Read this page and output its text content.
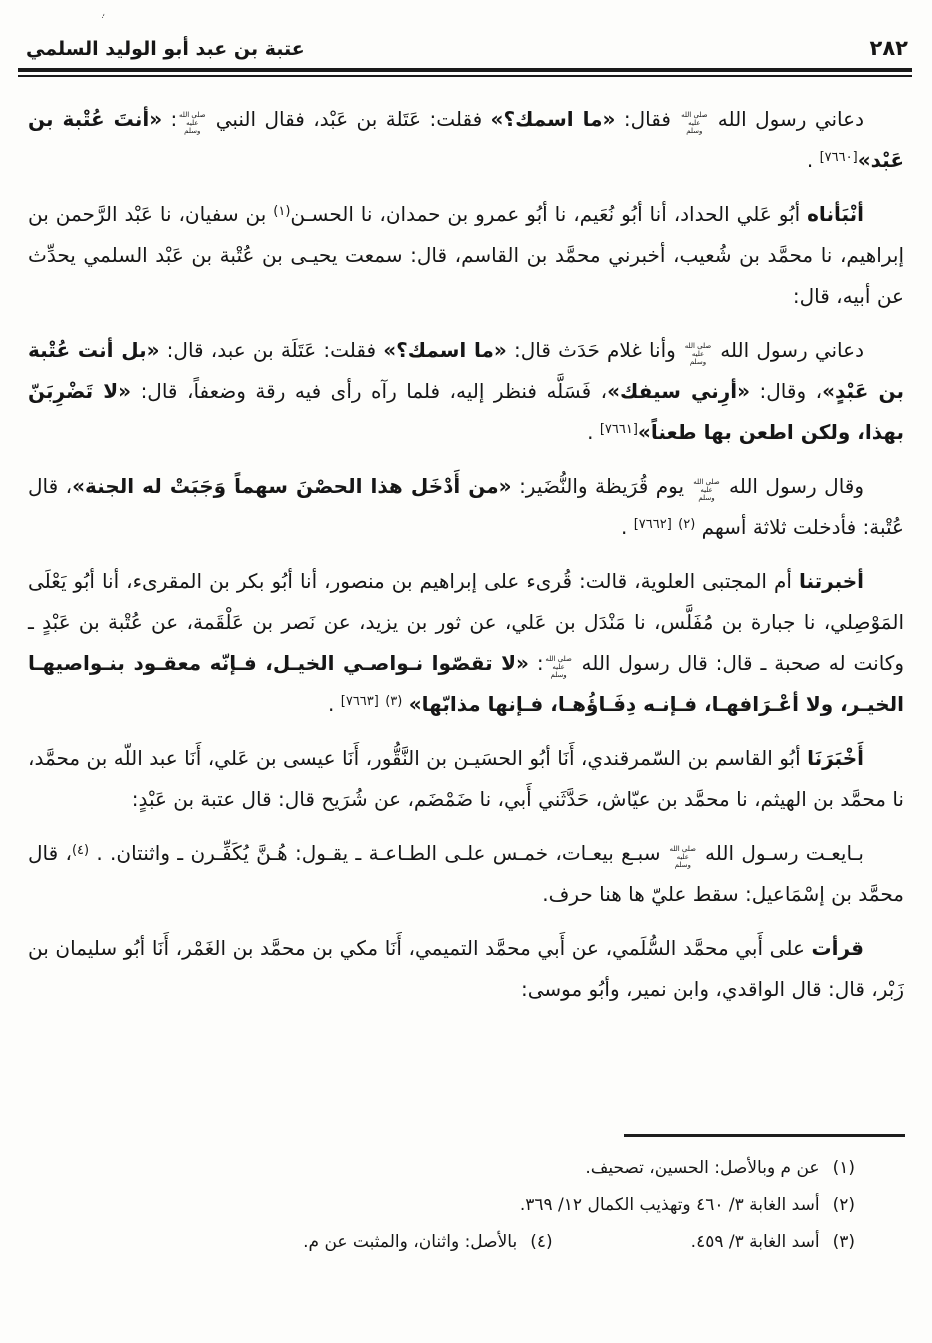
، ٠
٢٨٢
عتبة بن عبد أبو الوليد السلمي

دعاني رسول الله صلى الله عليه وسلم فقال: «ما اسمك؟» فقلت: عَتَلة بن عَبْد، فقال النبي صلى الله عليه وسلم: «أنتَ عُتْبة بن عَبْد»[٧٦٦٠] .

أنْبَأناه أبُو عَلي الحداد، أنا أبُو نُعَيم، نا أبُو عمرو بن حمدان، نا الحسـن$^{(١)}$ بن سفيان، نا عَبْد الرَّحمن بن إبراهيم، نا محمَّد بن شُعيب، أخبرني محمَّد بن القاسم، قال: سمعت يحيـى بن عُتْبة بن عَبْد السلمي يحدِّث عن أبيه، قال:

دعاني رسول الله صلى الله عليه وسلم وأنا غلام حَدَث قال: «ما اسمك؟» فقلت: عَتَلَة بن عبد، قال: «بل أنت عُتْبة بن عَبْدٍ»، وقال: «أرِني سيفك»، فَسَلَّه فنظر إليه، فلما رآه رأى فيه رقة وضعفاً، قال: «لا تَضْرِبَنّ بهذا، ولكن اطعن بها طعناً»[٧٦٦١] .

وقال رسول الله صلى الله عليه وسلم يوم قُرَيظة والنُّضَير: «من أَدْخَل هذا الحصْنَ سهماً وَجَبَتْ له الجنة»، قال عُتْبة: فأدخلت ثلاثة أسهم $^{(٢)}$ [٧٦٦٢] .

أخبرتنا أم المجتبى العلوية، قالت: قُرىء على إبراهيم بن منصور، أنا أبُو بكر بن المقرىء، أنا أبُو يَعْلَى المَوْصِلي، نا جبارة بن مُفَلَّس، نا مَنْدَل بن عَلي، عن ثور بن يزيد، عن نَصر بن عَلْقَمة، عن عُتْبة بن عَبْدٍ ـ وكانت له صحبة ـ قال: قال رسول الله صلى الله عليه وسلم: «لا تقصّوا نـواصـي الخيـل، فـإنّه معقـود بنـواصيهـا الخيـر، ولا أعْـرَافهـا، فـإنـه دِفَـاؤُهـا، فـإنها مذابّها» $^{(٣)}$ [٧٦٦٣] .

أَخْبَرَنَا أبُو القاسم بن السّمرقندي، أَنَا أبُو الحسَيـن بن النَّقُّور، أَنَا عيسى بن عَلي، أَنَا عبد اللّه بن محمَّد، نا محمَّد بن الهيثم، نا محمَّد بن عيّاش، حَدَّثَني أَبي، نا ضَمْضَم، عن شُرَيح قال: قال عتبة بن عَبْدٍ:

بـايعـت رسـول الله صلى الله عليه وسلم سبـع بيعـات، خمـس علـى الطـاعـة ـ يقـول: هُـنَّ يُكَفِّـرن ـ واثنتان. . $^{(٤)}$، قال محمَّد بن إسْمَاعيل: سقط عليّ ها هنا حرف.

قرأت على أَبي محمَّد السُّلَمي، عن أَبي محمَّد التميمي، أَنَا مكي بن محمَّد بن الغَمْر، أَنَا أبُو سليمان بن زَبْر، قال: قال الواقدي، وابن نمير، وأبُو موسى:

(١)عن م وبالأصل: الحسين، تصحيف.
(٢)أسد الغابة ٣/ ٤٦٠ وتهذيب الكمال ١٢/ ٣٦٩.
(٣)أسد الغابة ٣/ ٤٥٩.
(٤)بالأصل: واثنان، والمثبت عن م.
